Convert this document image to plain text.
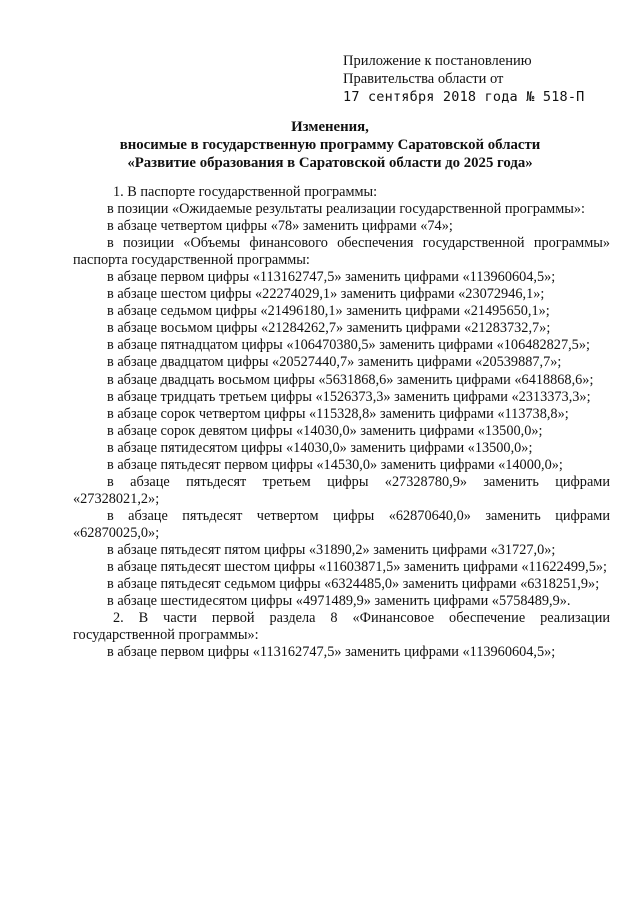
Приложение к постановлению
Правительства области от
17 сентября 2018 года № 518-П
Изменения,
вносимые в государственную программу Саратовской области
«Развитие образования в Саратовской области до 2025 года»

1. В паспорте государственной программы:

в позиции «Ожидаемые результаты реализации государственной программы»:

в абзаце четвертом цифры «78» заменить цифрами «74»;

в позиции «Объемы финансового обеспечения государственной программы» паспорта государственной программы:

в абзаце первом цифры «113162747,5» заменить цифрами «113960604,5»;

в абзаце шестом цифры «22274029,1» заменить цифрами «23072946,1»;

в абзаце седьмом цифры «21496180,1» заменить цифрами «21495650,1»;

в абзаце восьмом цифры «21284262,7» заменить цифрами «21283732,7»;

в абзаце пятнадцатом цифры «106470380,5» заменить цифрами «106482827,5»;

в абзаце двадцатом цифры «20527440,7» заменить цифрами «20539887,7»;

в абзаце двадцать восьмом цифры «5631868,6» заменить цифрами «6418868,6»;

в абзаце тридцать третьем цифры «1526373,3» заменить цифрами «2313373,3»;

в абзаце сорок четвертом цифры «115328,8» заменить цифрами «113738,8»;

в абзаце сорок девятом цифры «14030,0» заменить цифрами «13500,0»;

в абзаце пятидесятом цифры «14030,0» заменить цифрами «13500,0»;

в абзаце пятьдесят первом цифры «14530,0» заменить цифрами «14000,0»;

в абзаце пятьдесят третьем цифры «27328780,9» заменить цифрами «27328021,2»;

в абзаце пятьдесят четвертом цифры «62870640,0» заменить цифрами «62870025,0»;

в абзаце пятьдесят пятом цифры «31890,2» заменить цифрами «31727,0»;

в абзаце пятьдесят шестом цифры «11603871,5» заменить цифрами «11622499,5»;

в абзаце пятьдесят седьмом цифры «6324485,0» заменить цифрами «6318251,9»;

в абзаце шестидесятом цифры «4971489,9» заменить цифрами «5758489,9».

2. В части первой раздела 8 «Финансовое обеспечение реализации государственной программы»:

в абзаце первом цифры «113162747,5» заменить цифрами «113960604,5»;
